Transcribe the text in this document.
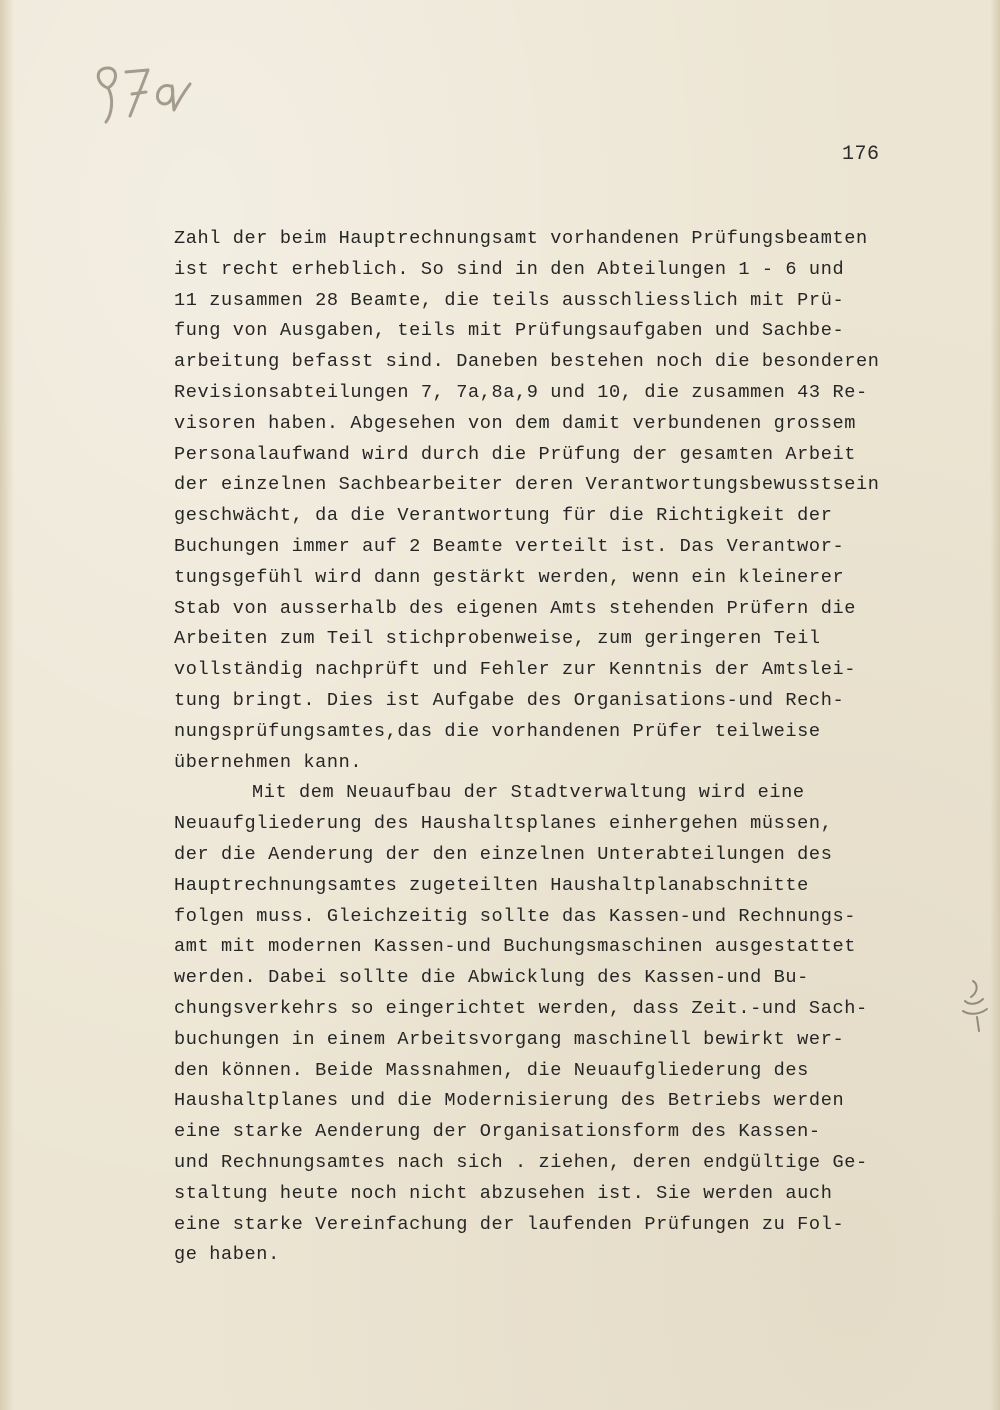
176
Zahl der beim Hauptrechnungsamt vorhandenen Prüfungsbeamten
ist recht erheblich. So sind in den Abteilungen 1 - 6 und
11 zusammen 28 Beamte, die teils ausschliesslich mit Prü-
fung von Ausgaben, teils mit Prüfungsaufgaben und Sachbe-
arbeitung befasst sind. Daneben bestehen noch die besonderen
Revisionsabteilungen 7, 7a,8a,9 und 10, die zusammen 43 Re-
visoren haben. Abgesehen von dem damit verbundenen grossem
Personalaufwand wird durch die Prüfung der gesamten Arbeit
der einzelnen Sachbearbeiter deren Verantwortungsbewusstsein
geschwächt, da die Verantwortung für die Richtigkeit der
Buchungen immer auf 2 Beamte verteilt ist. Das Verantwor-
tungsgefühl wird dann gestärkt werden, wenn ein kleinerer
Stab von ausserhalb des eigenen Amts stehenden Prüfern die
Arbeiten zum Teil stichprobenweise, zum geringeren Teil
vollständig nachprüft und Fehler zur Kenntnis der Amtslei-
tung bringt. Dies ist Aufgabe des Organisations-und Rech-
nungsprüfungsamtes,das die vorhandenen Prüfer teilweise
übernehmen kann.
Mit dem Neuaufbau der Stadtverwaltung wird eine
Neuaufgliederung des Haushaltsplanes einhergehen müssen,
der die Aenderung der den einzelnen Unterabteilungen des
Hauptrechnungsamtes zugeteilten Haushaltplanabschnitte
folgen muss. Gleichzeitig sollte das Kassen-und Rechnungs-
amt mit modernen Kassen-und Buchungsmaschinen ausgestattet
werden. Dabei sollte die Abwicklung des Kassen-und Bu-
chungsverkehrs so eingerichtet werden, dass Zeit.-und Sach-
buchungen in einem Arbeitsvorgang maschinell bewirkt wer-
den können. Beide Massnahmen, die Neuaufgliederung des
Haushaltplanes und die Modernisierung des Betriebs werden
eine starke Aenderung der Organisationsform des Kassen-
und Rechnungsamtes nach sich . ziehen, deren endgültige Ge-
staltung heute noch nicht abzusehen ist. Sie werden auch
eine starke Vereinfachung der laufenden Prüfungen zu Fol-
ge haben.
